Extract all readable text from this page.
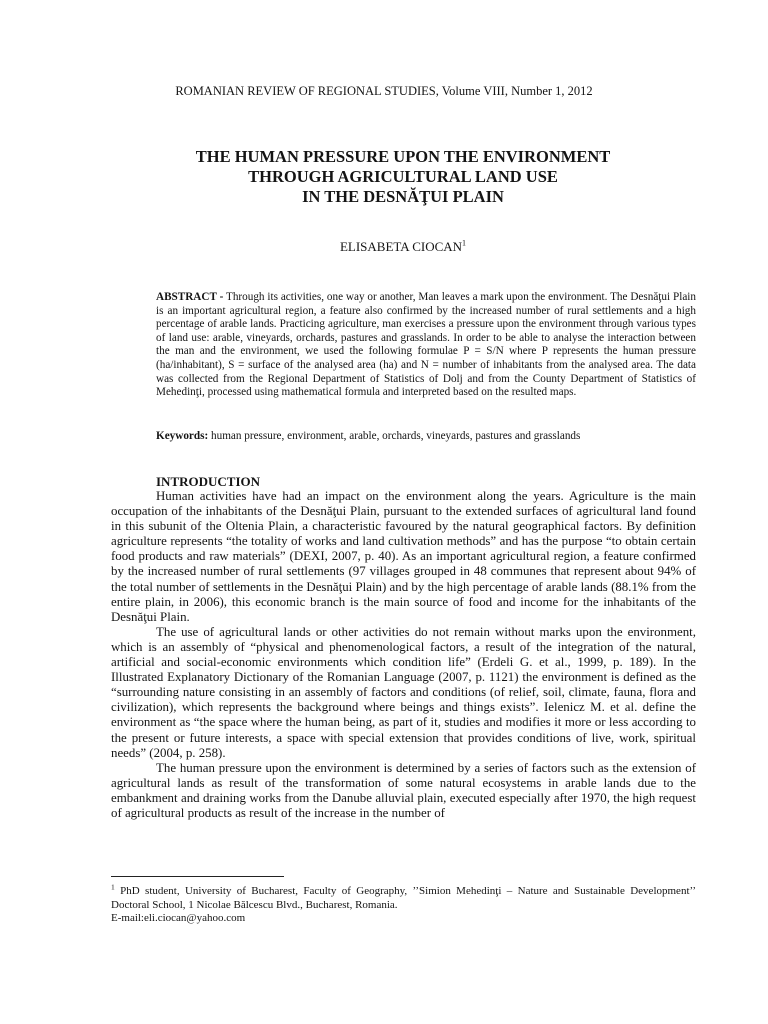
ROMANIAN REVIEW OF REGIONAL STUDIES, Volume VIII, Number 1, 2012
THE HUMAN PRESSURE UPON THE ENVIRONMENT
THROUGH AGRICULTURAL LAND USE
IN THE DESNĂŢUI PLAIN
ELISABETA CIOCAN$^1$
ABSTRACT - Through its activities, one way or another, Man leaves a mark upon the environment. The Desnăţui Plain is an important agricultural region, a feature also confirmed by the increased number of rural settlements and a high percentage of arable lands. Practicing agriculture, man exercises a pressure upon the environment through various types of land use: arable, vineyards, orchards, pastures and grasslands. In order to be able to analyse the interaction between the man and the environment, we used the following formulae P = S/N where P represents the human pressure (ha/inhabitant), S = surface of the analysed area (ha) and N = number of inhabitants from the analysed area. The data was collected from the Regional Department of Statistics of Dolj and from the County Department of Statistics of Mehedinţi, processed using mathematical formula and interpreted based on the resulted maps.
Keywords: human pressure, environment, arable, orchards, vineyards, pastures and grasslands
INTRODUCTION

Human activities have had an impact on the environment along the years. Agriculture is the main occupation of the inhabitants of the Desnăţui Plain, pursuant to the extended surfaces of agricultural land found in this subunit of the Oltenia Plain, a characteristic favoured by the natural geographical factors. By definition agriculture represents “the totality of works and land cultivation methods” and has the purpose “to obtain certain food products and raw materials” (DEXI, 2007, p. 40). As an important agricultural region, a feature confirmed by the increased number of rural settlements (97 villages grouped in 48 communes that represent about 94% of the total number of settlements in the Desnăţui Plain) and by the high percentage of arable lands (88.1% from the entire plain, in 2006), this economic branch is the main source of food and income for the inhabitants of the Desnăţui Plain.

The use of agricultural lands or other activities do not remain without marks upon the environment, which is an assembly of “physical and phenomenological factors, a result of the integration of the natural, artificial and social-economic environments which condition life” (Erdeli G. et al., 1999, p. 189). In the Illustrated Explanatory Dictionary of the Romanian Language (2007, p. 1121) the environment is defined as the “surrounding nature consisting in an assembly of factors and conditions (of relief, soil, climate, fauna, flora and civilization), which represents the background where beings and things exists”. Ielenicz M. et al. define the environment as “the space where the human being, as part of it, studies and modifies it more or less according to the present or future interests, a space with special extension that provides conditions of live, work, spiritual needs” (2004, p. 258).

The human pressure upon the environment is determined by a series of factors such as the extension of agricultural lands as result of the transformation of some natural ecosystems in arable lands due to the embankment and draining works from the Danube alluvial plain, executed especially after 1970, the high request of agricultural products as result of the increase in the number of

$^1$ PhD student, University of Bucharest, Faculty of Geography, ’’Simion Mehedinţi – Nature and Sustainable Development’’ Doctoral School, 1 Nicolae Bălcescu Blvd., Bucharest, Romania.
E-mail:eli.ciocan@yahoo.com
